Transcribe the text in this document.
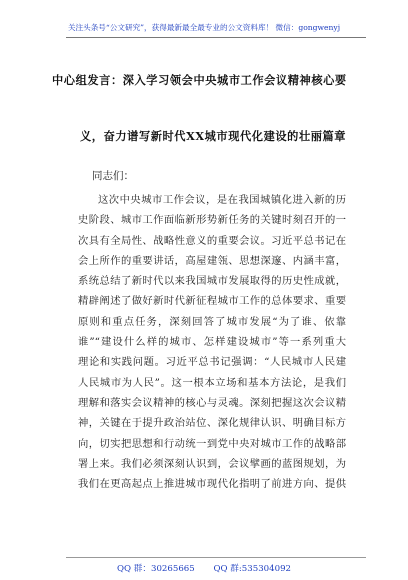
关注头条号“公文研究”，获得最新最全最专业的公文资料库！ 微信：gongwenyj
中心组发言：深入学习领会中央城市工作会议精神核心要
义，奋力谱写新时代XX城市现代化建设的壮丽篇章
同志们：
这次中央城市工作会议，是在我国城镇化进入新的历
史阶段、城市工作面临新形势新任务的关键时刻召开的一
次具有全局性、战略性意义的重要会议。习近平总书记在
会上所作的重要讲话，高屋建瓴、思想深邃、内涵丰富，
系统总结了新时代以来我国城市发展取得的历史性成就，
精辟阐述了做好新时代新征程城市工作的总体要求、重要
原则和重点任务，深刻回答了城市发展“为了谁、依靠
谁”“建设什么样的城市、怎样建设城市”等一系列重大
理论和实践问题。习近平总书记强调：“人民城市人民建
人民城市为人民”。这一根本立场和基本方法论，是我们
理解和落实会议精神的核心与灵魂。深刻把握这次会议精
神，关键在于提升政治站位、深化规律认识、明确目标方
向，切实把思想和行动统一到党中央对城市工作的战略部
署上来。我们必须深刻认识到，会议擘画的蓝图规划，为
我们在更高起点上推进城市现代化指明了前进方向、提供
QQ 群：30265665 QQ 群:535304092
